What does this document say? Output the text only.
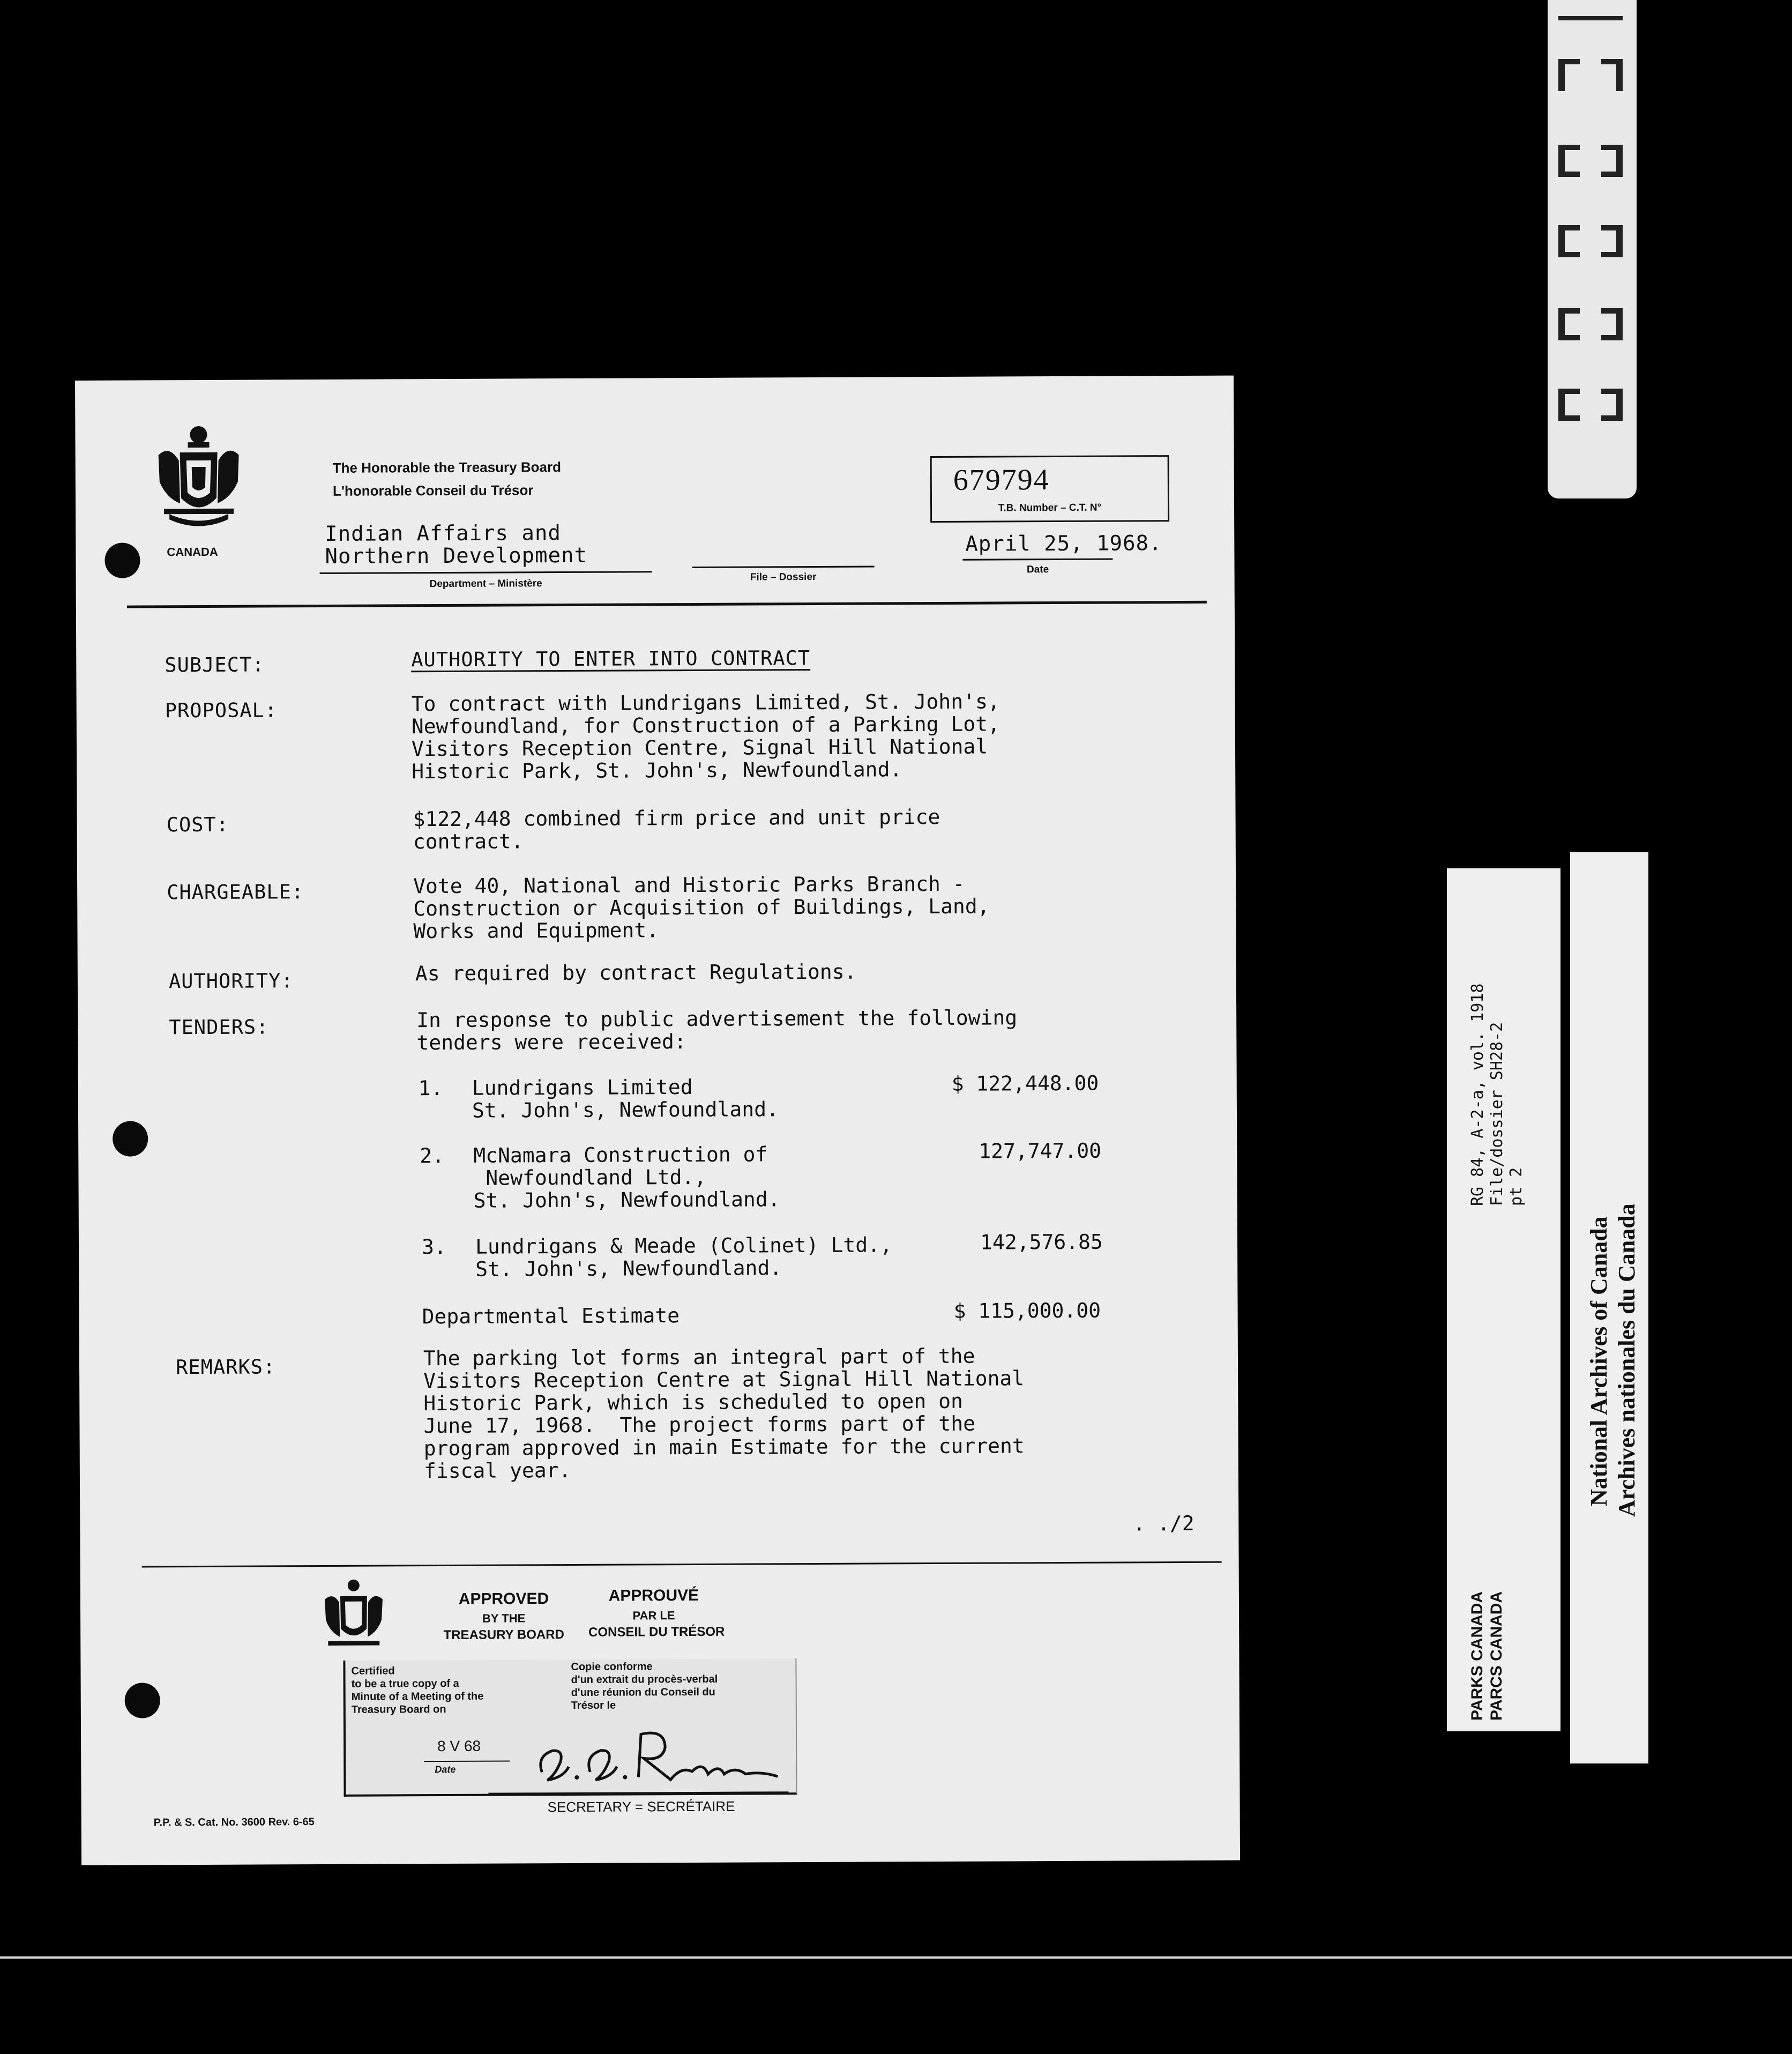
CANADA
The Honorable the Treasury Board
L'honorable Conseil du Trésor
Indian Affairs and
Northern Development
Department – Ministère
File – Dossier
679794
T.B. Number – C.T. N°
April 25, 1968.
Date
SUBJECT:
PROPOSAL:
COST:
CHARGEABLE:
AUTHORITY:
TENDERS:
REMARKS:
AUTHORITY TO ENTER INTO CONTRACT
To contract with Lundrigans Limited, St. John's,
Newfoundland, for Construction of a Parking Lot,
Visitors Reception Centre, Signal Hill National
Historic Park, St. John's, Newfoundland.
$122,448 combined firm price and unit price
contract.
Vote 40, National and Historic Parks Branch -
Construction or Acquisition of Buildings, Land,
Works and Equipment.
As required by contract Regulations.
In response to public advertisement the following
tenders were received:
1. Lundrigans Limited
St. John's, Newfoundland.
$ 122,448.00
2. McNamara Construction of
Newfoundland Ltd.,
St. John's, Newfoundland.
127,747.00
3. Lundrigans & Meade (Colinet) Ltd.,
St. John's, Newfoundland.
142,576.85
Departmental Estimate	$ 115,000.00
The parking lot forms an integral part of the
Visitors Reception Centre at Signal Hill National
Historic Park, which is scheduled to open on
June 17, 1968.  The project forms part of the
program approved in main Estimate for the current
fiscal year.
. ./2
APPROVED
BY THE
TREASURY BOARD
APPROUVÉ
PAR LE
CONSEIL DU TRÉSOR
Certified
to be a true copy of a
Minute of a Meeting of the
Treasury Board on
Copie conforme
d'un extrait du procès-verbal
d'une réunion du Conseil du
Trésor le
8 V 68
Date
SECRETARY = SECRÉTAIRE
P.P. & S. Cat. No. 3600 Rev. 6-65
RG 84, A-2-a, vol. 1918
File/dossier SH28-2
pt 2
PARKS CANADA PARCS CANADA
National Archives of Canada Archives nationales du Canada
